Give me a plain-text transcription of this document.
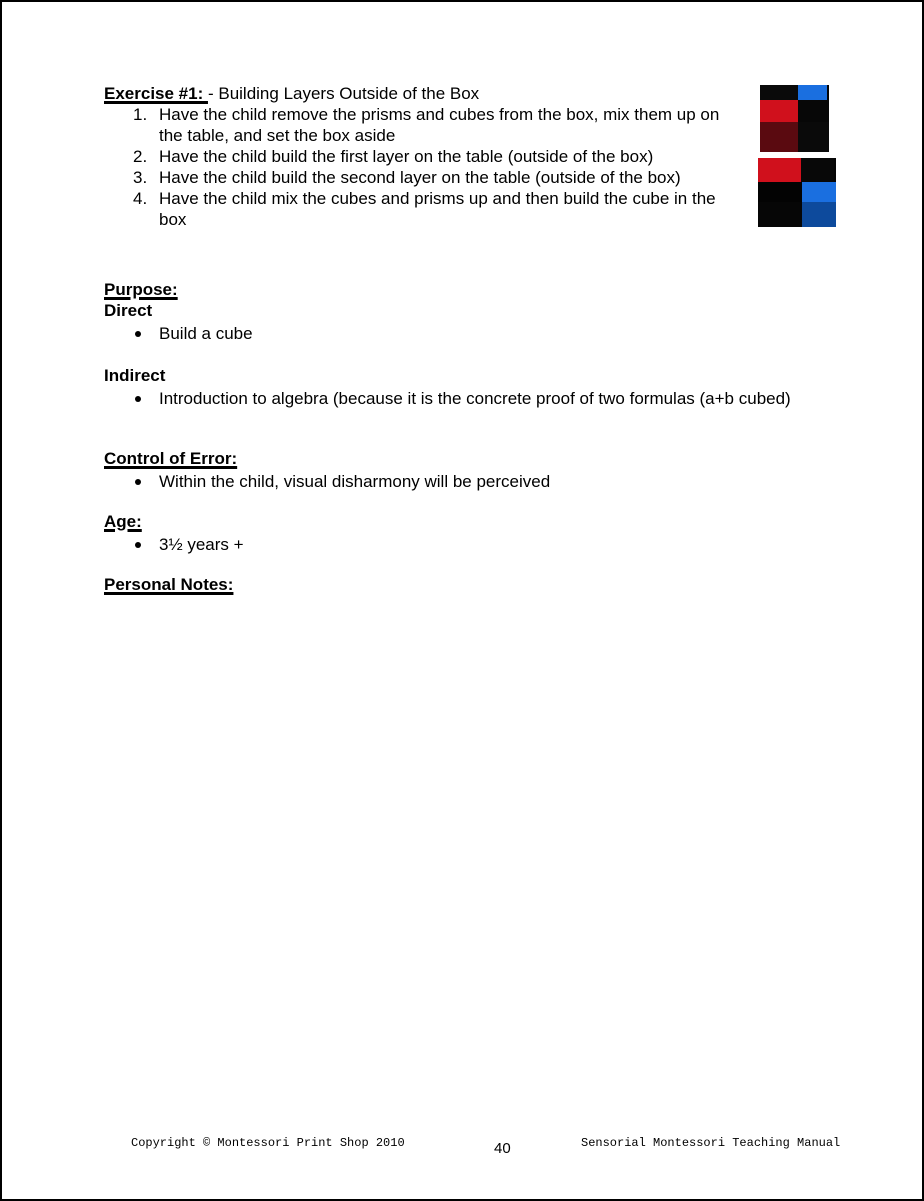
Exercise #1: - Building Layers Outside of the Box
1. Have the child remove the prisms and cubes from the box, mix them up on the table, and set the box aside
2. Have the child build the first layer on the table (outside of the box)
3. Have the child build the second layer on the table (outside of the box)
4. Have the child mix the cubes and prisms up and then build the cube in the box
Purpose:
Direct
Build a cube
Indirect
Introduction to algebra (because it is the concrete proof of two formulas (a+b cubed)
Control of Error:
Within the child, visual disharmony will be perceived
Age:
3½ years +
Personal Notes:
Copyright © Montessori Print Shop 2010	40	Sensorial Montessori Teaching Manual
